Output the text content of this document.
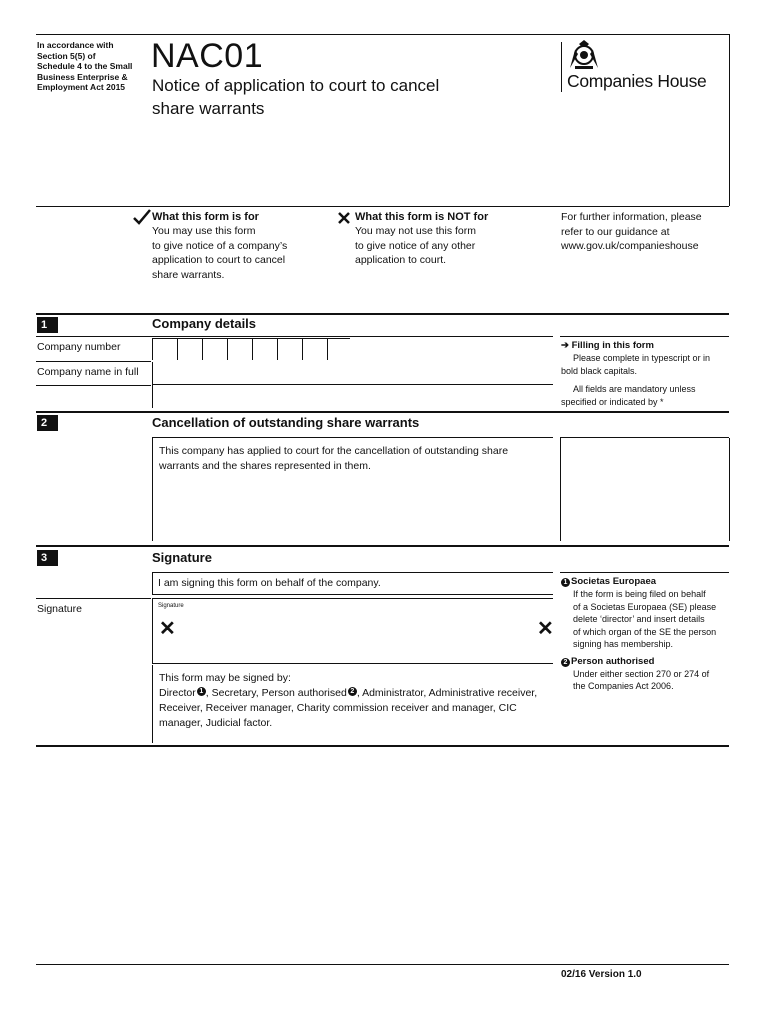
In accordance with
Section 5(5) of
Schedule 4 to the Small
Business Enterprise &
Employment Act 2015
NAC01
Notice of application to court to cancel
share warrants
Companies House
What this form is for
You may use this form
to give notice of a company’s
application to court to cancel
share warrants.
What this form is NOT for
You may not use this form
to give notice of any other
application to court.
For further information, please
refer to our guidance at
www.gov.uk/companieshouse
1	Company details
Company number
Company name in full
➔ Filling in this form
Please complete in typescript or in
bold black capitals.
All fields are mandatory unless
specified or indicated by *
2	Cancellation of outstanding share warrants
This company has applied to court for the cancellation of outstanding share
warrants and the shares represented in them.
3	Signature
I am signing this form on behalf of the company.
Signature	Signature
✕	✕
This form may be signed by:
Director 1 , Secretary, Person authorised 2 , Administrator, Administrative receiver,
Receiver, Receiver manager, Charity commission receiver and manager, CIC
manager, Judicial factor.
1 Societas Europaea
If the form is being filed on behalf
of a Societas Europaea (SE) please
delete ‘director’ and insert details
of which organ of the SE the person
signing has membership.
2 Person authorised
Under either section 270 or 274 of
the Companies Act 2006.
02/16 Version 1.0
